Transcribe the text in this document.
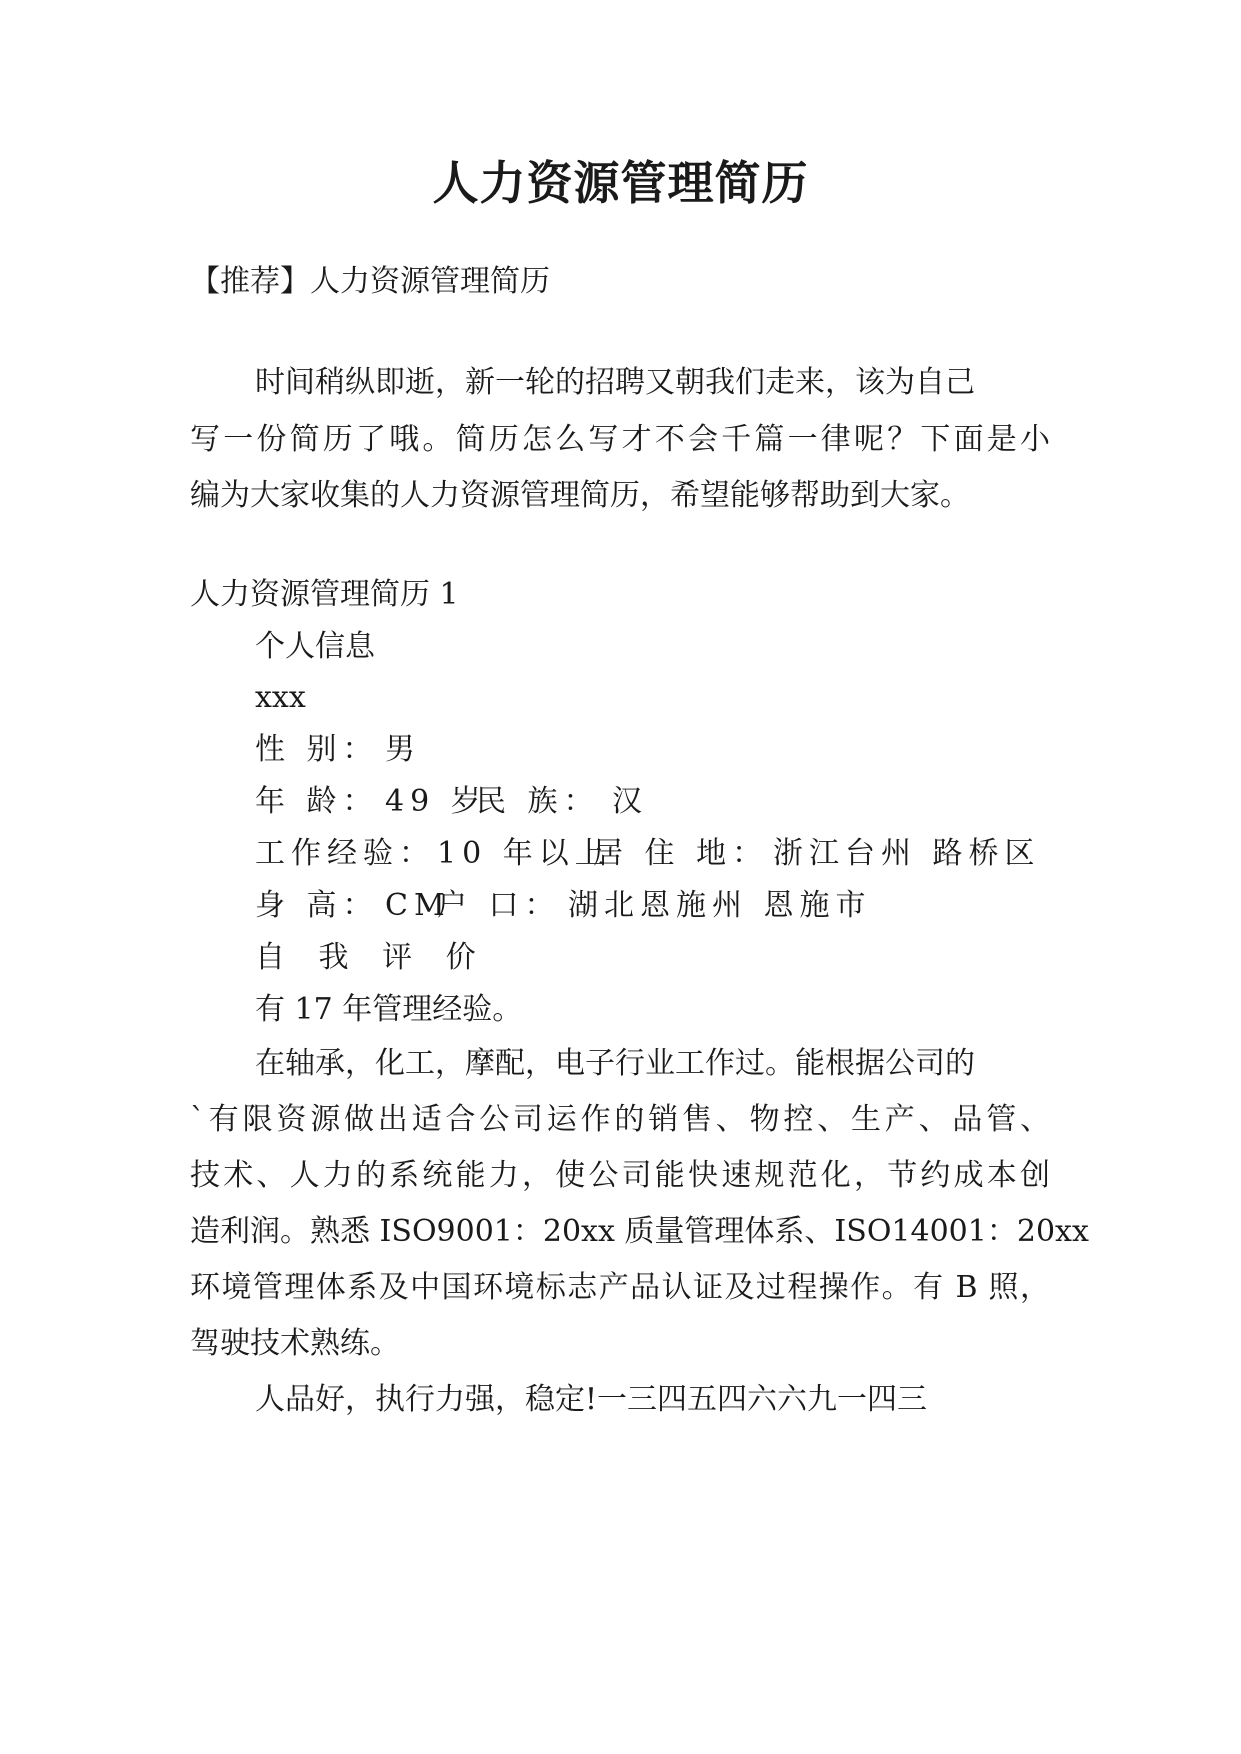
人力资源管理简历
【推荐】人力资源管理简历
时间稍纵即逝，新一轮的招聘又朝我们走来，该为自己
写一份简历了哦。简历怎么写才不会千篇一律呢？下面是小
编为大家收集的人力资源管理简历，希望能够帮助到大家。
人力资源管理简历 1
个人信息
xxx
性 别： 男
年 龄： 49 岁
民 族： 汉
工作经验： 10 年以上
居 住 地： 浙江台州 路桥区
身 高： CM
户 口： 湖北恩施州 恩施市
自 我 评 价
有 17 年管理经验。
在轴承，化工，摩配，电子行业工作过。能根据公司的
`有限资源做出适合公司运作的销售、物控、生产、品管、
技术、人力的系统能力，使公司能快速规范化，节约成本创
造利润。熟悉 ISO9001：20xx 质量管理体系、ISO14001：20xx
环境管理体系及中国环境标志产品认证及过程操作。有 B 照，
驾驶技术熟练。
人品好，执行力强，稳定!一三四五四六六九一四三
